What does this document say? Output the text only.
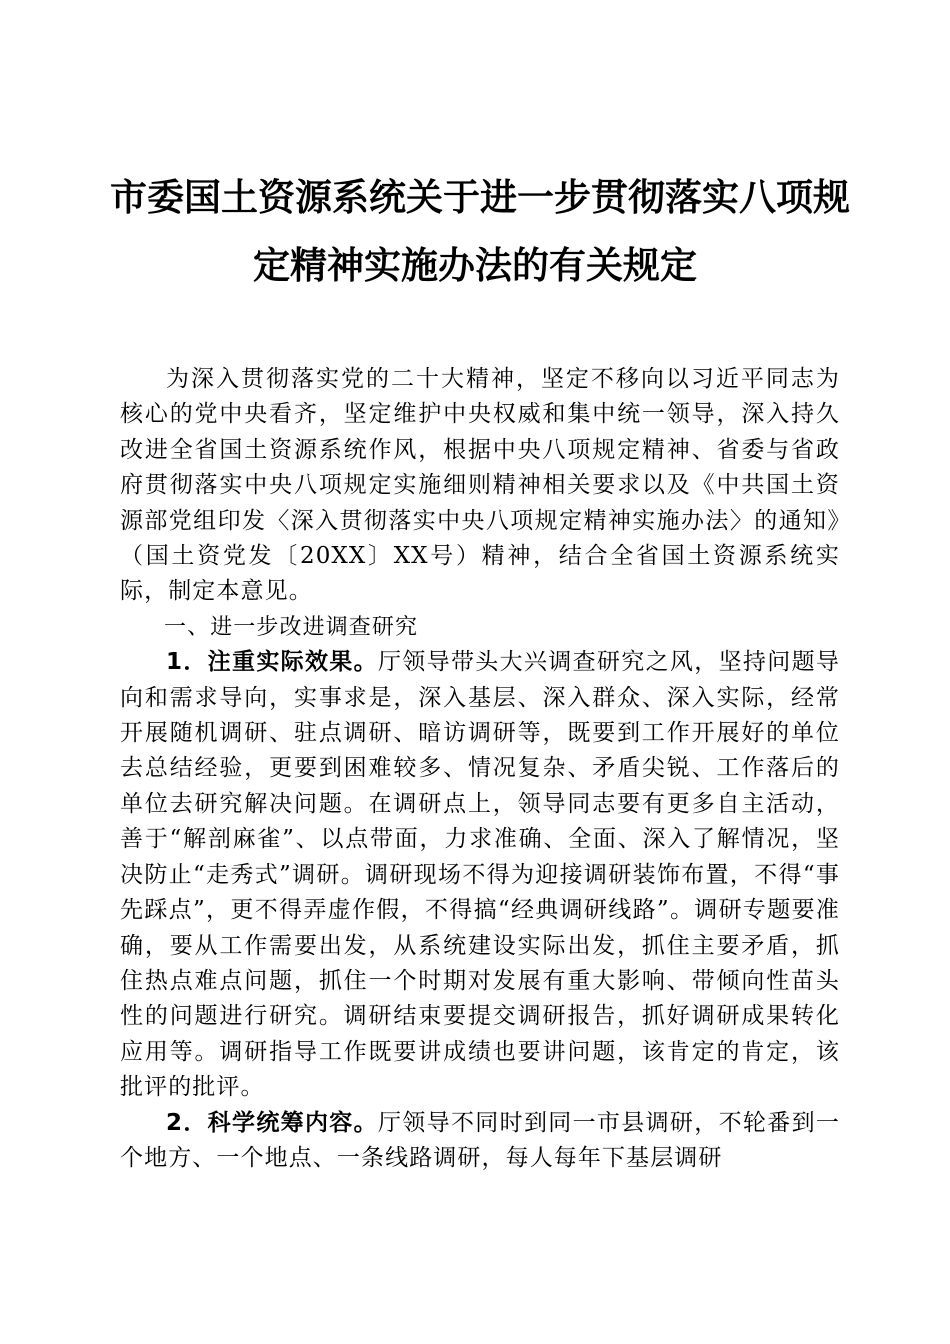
市委国土资源系统关于进一步贯彻落实八项规
定精神实施办法的有关规定

为深入贯彻落实党的二十大精神，坚定不移向以习近平同志为核心的党中央看齐，坚定维护中央权威和集中统一领导，深入持久改进全省国土资源系统作风，根据中央八项规定精神、省委与省政府贯彻落实中央八项规定实施细则精神相关要求以及《中共国土资源部党组印发〈深入贯彻落实中央八项规定精神实施办法〉的通知》（国土资党发〔20XX〕XX号）精神，结合全省国土资源系统实际，制定本意见。

一、进一步改进调查研究

1．注重实际效果。厅领导带头大兴调查研究之风，坚持问题导向和需求导向，实事求是，深入基层、深入群众、深入实际，经常开展随机调研、驻点调研、暗访调研等，既要到工作开展好的单位去总结经验，更要到困难较多、情况复杂、矛盾尖锐、工作落后的单位去研究解决问题。在调研点上，领导同志要有更多自主活动，善于“解剖麻雀”、以点带面，力求准确、全面、深入了解情况，坚决防止“走秀式”调研。调研现场不得为迎接调研装饰布置，不得“事先踩点”，更不得弄虚作假，不得搞“经典调研线路”。调研专题要准确，要从工作需要出发，从系统建设实际出发，抓住主要矛盾，抓住热点难点问题，抓住一个时期对发展有重大影响、带倾向性苗头性的问题进行研究。调研结束要提交调研报告，抓好调研成果转化应用等。调研指导工作既要讲成绩也要讲问题，该肯定的肯定，该批评的批评。

2．科学统筹内容。厅领导不同时到同一市县调研，不轮番到一个地方、一个地点、一条线路调研，每人每年下基层调研
